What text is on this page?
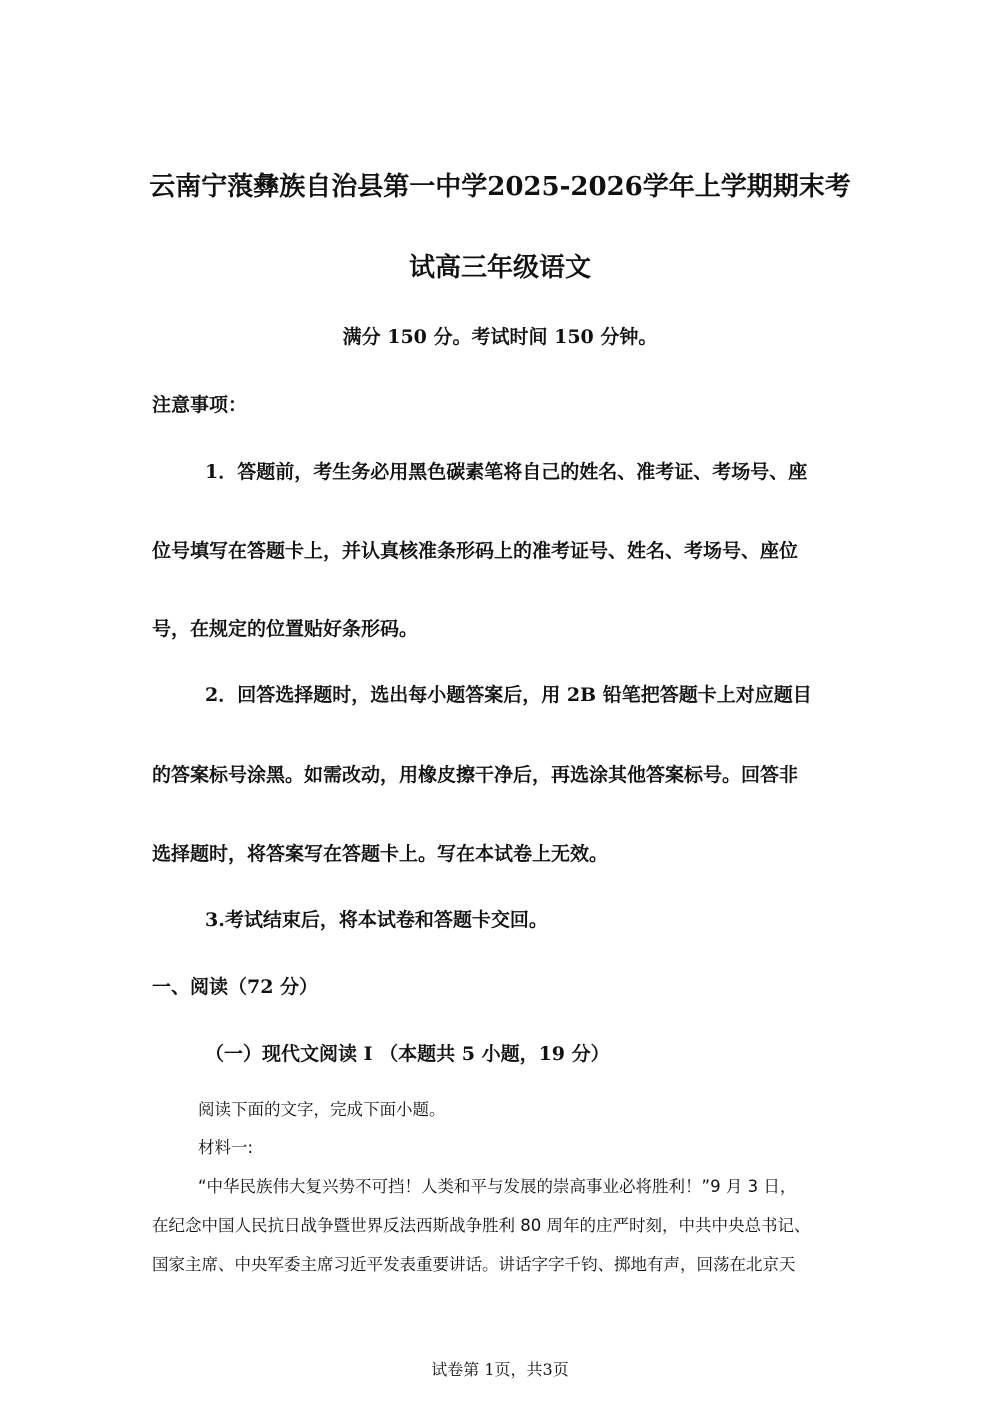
云南宁蒗彝族自治县第一中学2025-2026学年上学期期末考
试高三年级语文
满分 150 分。考试时间 150 分钟。
注意事项：
1．答题前，考生务必用黑色碳素笔将自己的姓名、准考证、考场号、座
位号填写在答题卡上，并认真核准条形码上的准考证号、姓名、考场号、座位
号，在规定的位置贴好条形码。
2．回答选择题时，选出每小题答案后，用 2B 铅笔把答题卡上对应题目
的答案标号涂黑。如需改动，用橡皮擦干净后，再选涂其他答案标号。回答非
选择题时，将答案写在答题卡上。写在本试卷上无效。
3.考试结束后，将本试卷和答题卡交回。
一、阅读（72 分）
（一）现代文阅读 I （本题共 5 小题，19 分）
阅读下面的文字，完成下面小题。
材料一:
“中华民族伟大复兴势不可挡！人类和平与发展的崇高事业必将胜利！”9 月 3 日，
在纪念中国人民抗日战争暨世界反法西斯战争胜利 80 周年的庄严时刻，中共中央总书记、
国家主席、中央军委主席习近平发表重要讲话。讲话字字千钧、掷地有声，回荡在北京天
试卷第 1页，共3页
